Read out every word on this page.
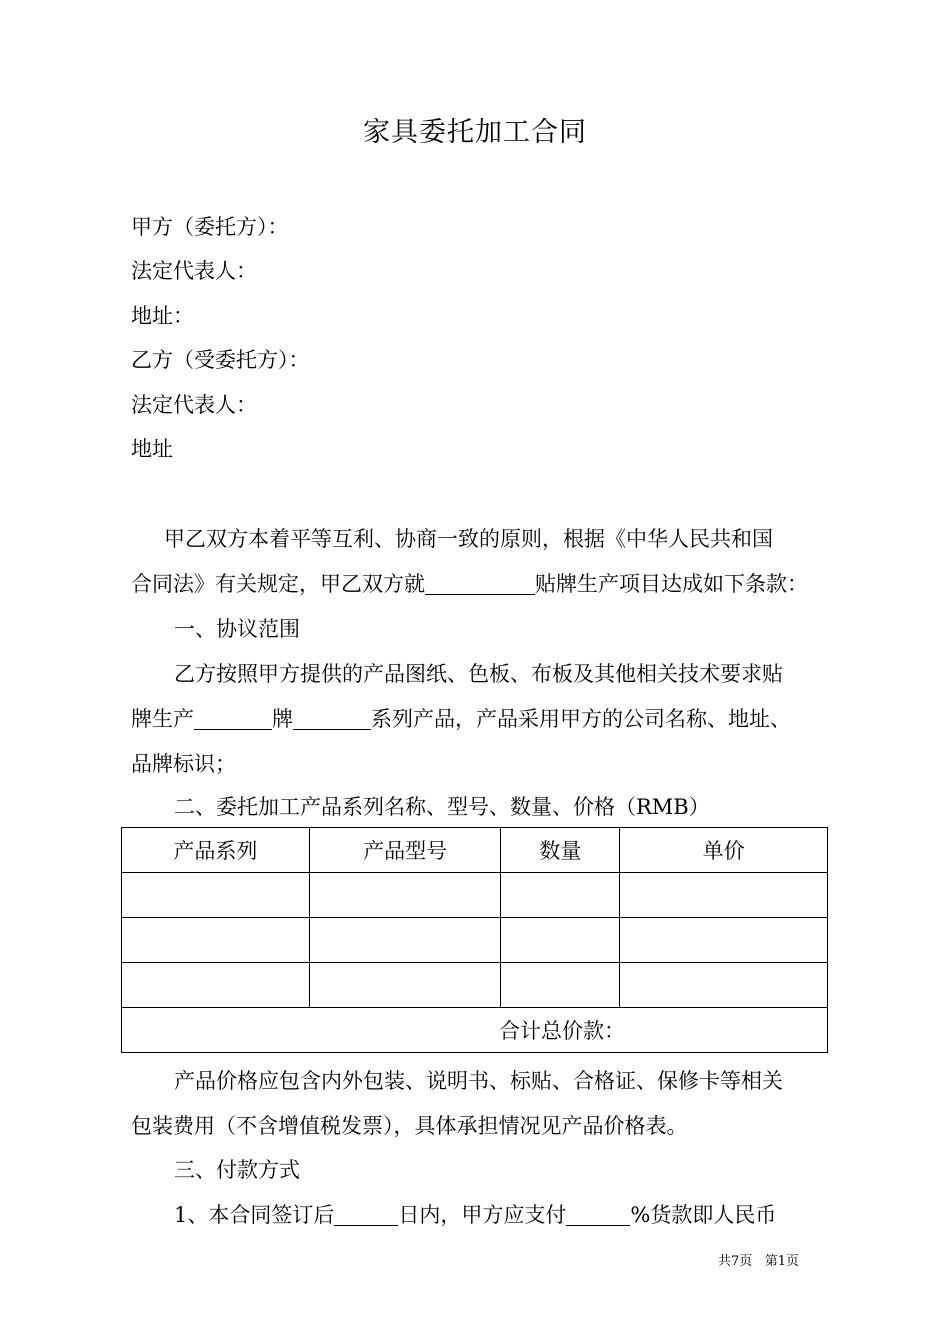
家具委托加工合同
甲方（委托方）：
法定代表人：
地址：
乙方（受委托方）：
法定代表人：
地址
甲乙双方本着平等互利、协商一致的原则，根据《中华人民共和国
合同法》有关规定，甲乙双方就	贴牌生产项目达成如下条款：
一、协议范围
乙方按照甲方提供的产品图纸、色板、布板及其他相关技术要求贴
牌生产	牌	系列产品，产品采用甲方的公司名称、地址、
品牌标识；
二、委托加工产品系列名称、型号、数量、价格（RMB）
产品系列	产品型号	数量	单价

合计总价款：			
产品价格应包含内外包装、说明书、标贴、合格证、保修卡等相关
包装费用（不含增值税发票），具体承担情况见产品价格表。
三、付款方式
1、本合同签订后	日内，甲方应支付	%货款即人民币
共7页 第1页
